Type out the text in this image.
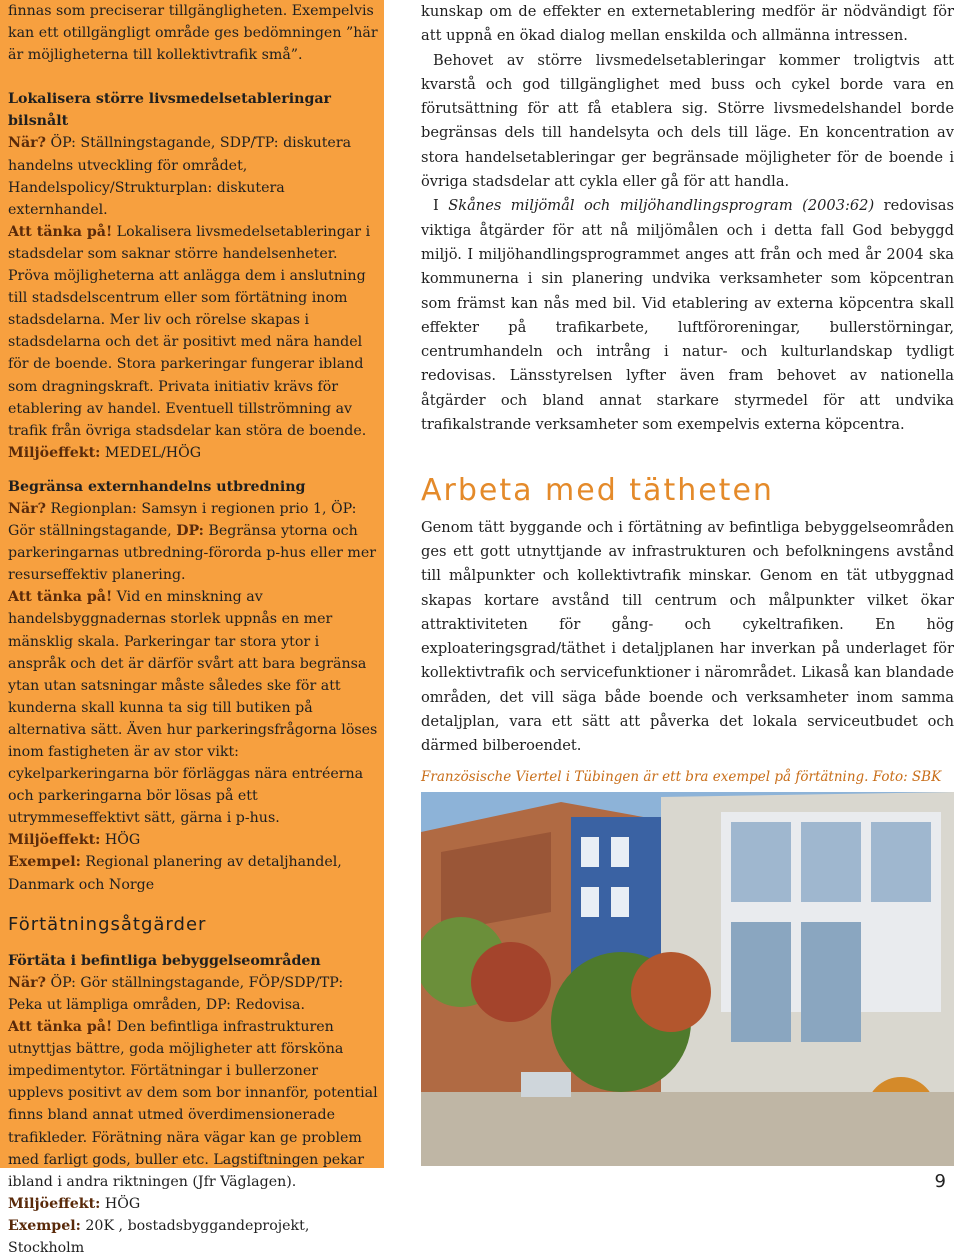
finnas som preciserar tillgängligheten. Exempelvis kan ett otillgängligt område ges bedömningen ”här är möjligheterna till kollektivtrafik små”.

Lokalisera större livsmedelsetableringar bilsnålt

När? ÖP: Ställningstagande, SDP/TP: diskutera handelns utveckling för området, Handelspolicy/Strukturplan: diskutera externhandel.

Att tänka på! Lokalisera livsmedelsetableringar i stadsdelar som saknar större handelsenheter. Pröva möjligheterna att anlägga dem i anslutning till stadsdelscentrum eller som förtätning inom stadsdelarna. Mer liv och rörelse skapas i stadsdelarna och det är positivt med nära handel för de boende. Stora parkeringar fungerar ibland som dragningskraft. Privata initiativ krävs för etablering av handel. Eventuell tillströmning av trafik från övriga stadsdelar kan störa de boende.

Miljöeffekt: MEDEL/HÖG

Begränsa externhandelns utbredning

När? Regionplan: Samsyn i regionen prio 1, ÖP: Gör ställningstagande, DP: Begränsa ytorna och parkeringarnas utbredning-förorda p-hus eller mer resurseffektiv planering.

Att tänka på! Vid en minskning av handelsbyggnadernas storlek uppnås en mer mänsklig skala. Parkeringar tar stora ytor i anspråk och det är därför svårt att bara begränsa ytan utan satsningar måste således ske för att kunderna skall kunna ta sig till butiken på alternativa sätt. Även hur parkeringsfrågorna löses inom fastigheten är av stor vikt: cykelparkeringarna bör förläggas nära entréerna och parkeringarna bör lösas på ett utrymmeseffektivt sätt, gärna i p-hus.

Miljöeffekt: HÖG

Exempel: Regional planering av detaljhandel, Danmark och Norge

Förtätningsåtgärder

Förtäta i befintliga bebyggelseområden

När? ÖP: Gör ställningstagande, FÖP/SDP/TP: Peka ut lämpliga områden, DP: Redovisa.

Att tänka på! Den befintliga infrastrukturen utnyttjas bättre, goda möjligheter att försköna impedimentytor. Förtätningar i bullerzoner upplevs positivt av dem som bor innanför, potential finns bland annat utmed överdimensionerade trafikleder. Förätning nära vägar kan ge problem med farligt gods, buller etc. Lagstiftningen pekar ibland i andra riktningen (Jfr Väglagen).

Miljöeffekt: HÖG

Exempel: 20K , bostadsbyggandeprojekt, Stockholm

kunskap om de effekter en externetablering medför är nödvändigt för att uppnå en ökad dialog mellan enskilda och allmänna intressen.

Behovet av större livsmedelsetableringar kommer troligtvis att kvarstå och god tillgänglighet med buss och cykel borde vara en förutsättning för att få etablera sig. Större livsmedelshandel borde begränsas dels till handelsyta och dels till läge. En koncentration av stora handelsetableringar ger begränsade möjligheter för de boende i övriga stadsdelar att cykla eller gå för att handla.

I Skånes miljömål och miljöhandlingsprogram (2003:62) redovisas viktiga åtgärder för att nå miljömålen och i detta fall God bebyggd miljö. I miljöhandlingsprogrammet anges att från och med år 2004 ska kommunerna i sin planering undvika verksamheter som köpcentran som främst kan nås med bil. Vid etablering av externa köpcentra skall effekter på trafikarbete, luftföroreningar, bullerstörningar, centrumhandeln och intrång i natur- och kulturlandskap tydligt redovisas. Länsstyrelsen lyfter även fram behovet av nationella åtgärder och bland annat starkare styrmedel för att undvika trafikalstrande verksamheter som exempelvis externa köpcentra.

Arbeta med tätheten

Genom tätt byggande och i förtätning av befintliga bebyggelseområden ges ett gott utnyttjande av infrastrukturen och befolkningens avstånd till målpunkter och kollektivtrafik minskar. Genom en tät utbyggnad skapas kortare avstånd till centrum och målpunkter vilket ökar attraktiviteten för gång- och cykeltrafiken. En hög exploateringsgrad/täthet i detaljplanen har inverkan på underlaget för kollektivtrafik och servicefunktioner i närområdet. Likaså kan blandade områden, det vill säga både boende och verksamheter inom samma detaljplan, vara ett sätt att påverka det lokala serviceutbudet och därmed bilberoendet.

Französische Viertel i Tübingen är ett bra exempel på förtätning. Foto: SBK
9
